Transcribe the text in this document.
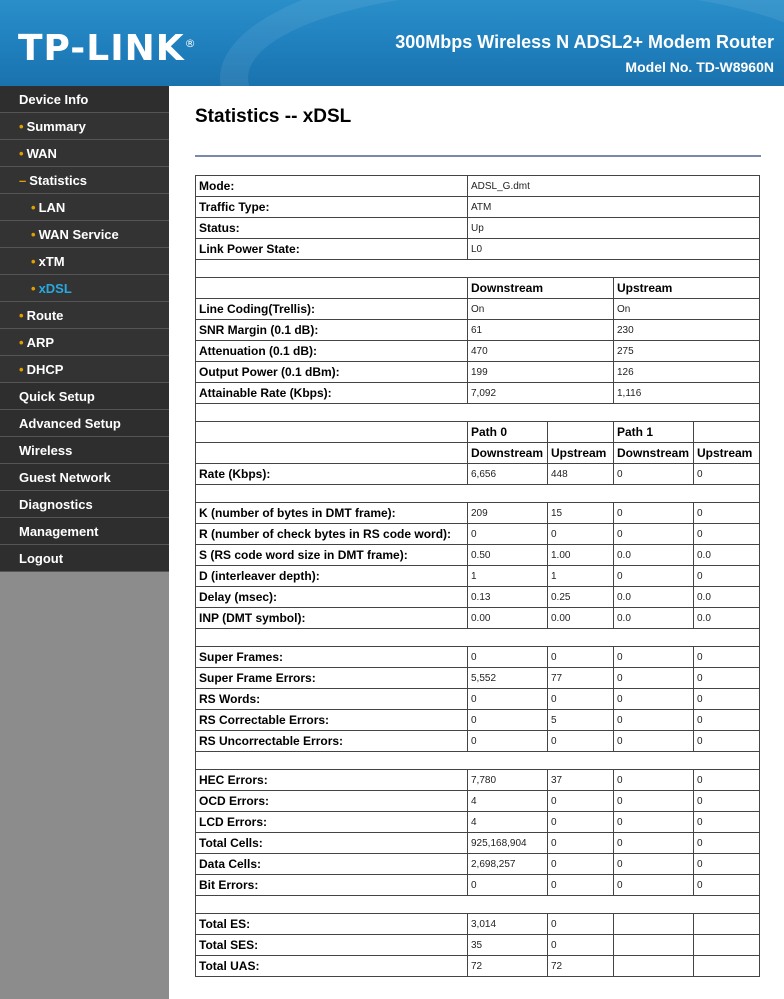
TP-LINK®	300Mbps Wireless N ADSL2+ Modem Router
Model No. TD-W8960N
Device Info
• Summary
• WAN
– Statistics
• LAN
• WAN Service
• xTM
• xDSL
• Route
• ARP
• DHCP
Quick Setup
Advanced Setup
Wireless
Guest Network
Diagnostics
Management
Logout
Statistics -- xDSL
Mode:	ADSL_G.dmt			
Traffic Type:	ATM			
Status:	Up			
Link Power State:	L0			

	Downstream		Upstream	
Line Coding(Trellis):	On		On	
SNR Margin (0.1 dB):	61		230	
Attenuation (0.1 dB):	470		275	
Output Power (0.1 dBm):	199		126	
Attainable Rate (Kbps):	7,092		1,116	

	Path 0		Path 1	
	Downstream	Upstream	Downstream	Upstream
Rate (Kbps):	6,656	448	0	0

K (number of bytes in DMT frame):	209	15	0	0
R (number of check bytes in RS code word):	0	0	0	0
S (RS code word size in DMT frame):	0.50	1.00	0.0	0.0
D (interleaver depth):	1	1	0	0
Delay (msec):	0.13	0.25	0.0	0.0
INP (DMT symbol):	0.00	0.00	0.0	0.0

Super Frames:	0	0	0	0
Super Frame Errors:	5,552	77	0	0
RS Words:	0	0	0	0
RS Correctable Errors:	0	5	0	0
RS Uncorrectable Errors:	0	0	0	0

HEC Errors:	7,780	37	0	0
OCD Errors:	4	0	0	0
LCD Errors:	4	0	0	0
Total Cells:	925,168,904	0	0	0
Data Cells:	2,698,257	0	0	0
Bit Errors:	0	0	0	0

Total ES:	3,014	0		
Total SES:	35	0		
Total UAS:	72	72		
